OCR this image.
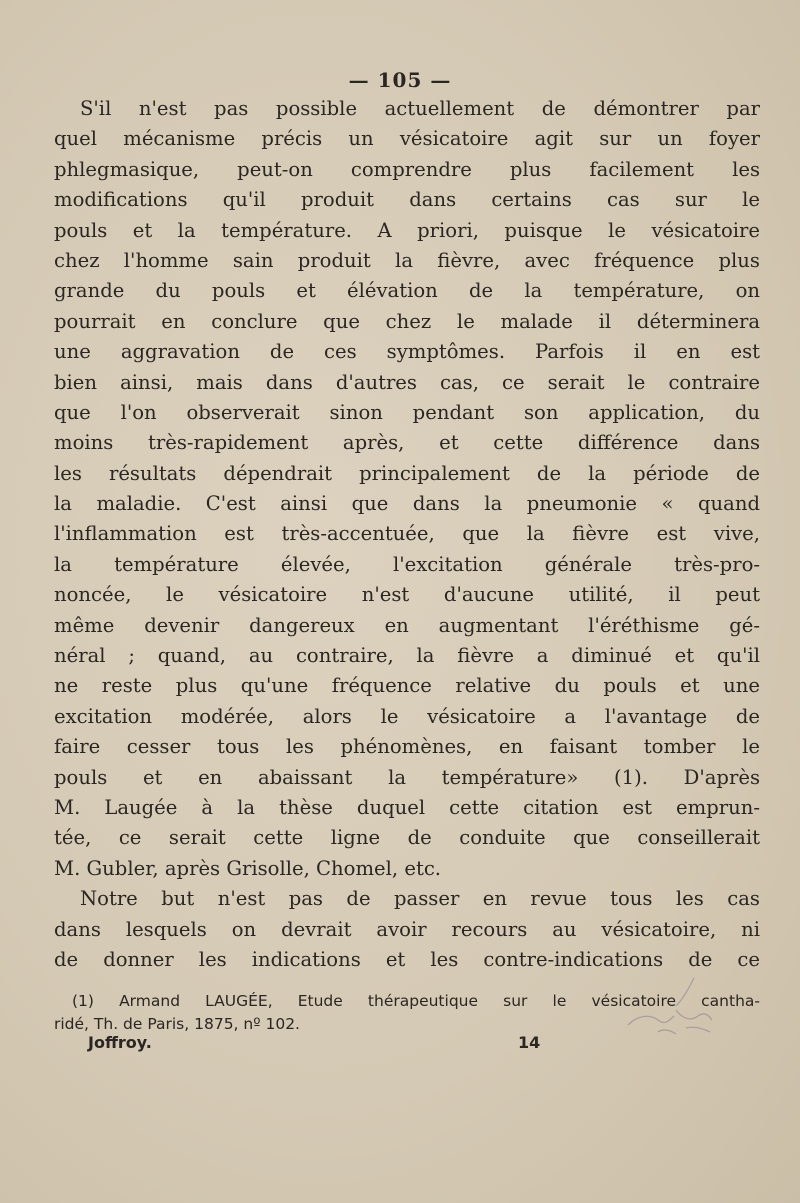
— 105 —
S'il n'est pas possible actuellement de démontrer par
quel mécanisme précis un vésicatoire agit sur un foyer
phlegmasique, peut-on comprendre plus facilement les
modifications qu'il produit dans certains cas sur le
pouls et la température. A priori, puisque le vésicatoire
chez l'homme sain produit la fièvre, avec fréquence plus
grande du pouls et élévation de la température, on
pourrait en conclure que chez le malade il déterminera
une aggravation de ces symptômes. Parfois il en est
bien ainsi, mais dans d'autres cas, ce serait le contraire
que l'on observerait sinon pendant son application, du
moins très-rapidement après, et cette différence dans
les résultats dépendrait principalement de la période de
la maladie. C'est ainsi que dans la pneumonie « quand
l'inflammation est très-accentuée, que la fièvre est vive,
la température élevée, l'excitation générale très-pro-
noncée, le vésicatoire n'est d'aucune utilité, il peut
même devenir dangereux en augmentant l'éréthisme gé-
néral ; quand, au contraire, la fièvre a diminué et qu'il
ne reste plus qu'une fréquence relative du pouls et une
excitation modérée, alors le vésicatoire a l'avantage de
faire cesser tous les phénomènes, en faisant tomber le
pouls et en abaissant la température» (1). D'après
M. Laugée à la thèse duquel cette citation est emprun-
tée, ce serait cette ligne de conduite que conseillerait
M. Gubler, après Grisolle, Chomel, etc.
Notre but n'est pas de passer en revue tous les cas
dans lesquels on devrait avoir recours au vésicatoire, ni
de donner les indications et les contre-indications de ce
(1) Armand LAUGÉE, Etude thérapeutique sur le vésicatoire cantha-
ridé, Th. de Paris, 1875, nº 102.
Joffroy.	14
